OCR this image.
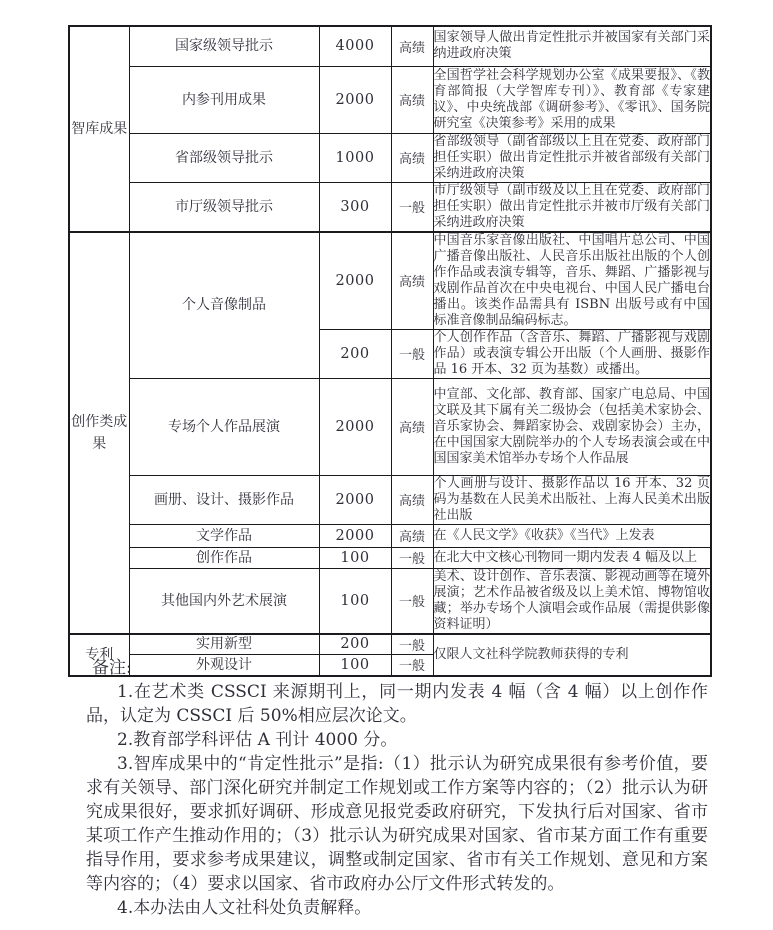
智库成果	国家级领导批示	4000	高绩	国家领导人做出肯定性批示并被国家有关部门采纳进政府决策
	内参刊用成果	2000	高绩	全国哲学社会科学规划办公室《成果要报》、《教育部简报（大学智库专刊）》、教育部《专家建议》、中央统战部《调研参考》、《零讯》、国务院研究室《决策参考》采用的成果
	省部级领导批示	1000	高绩	省部级领导（副省部级以上且在党委、政府部门担任实职）做出肯定性批示并被省部级有关部门采纳进政府决策
	市厅级领导批示	300	一般	市厅级领导（副市级及以上且在党委、政府部门担任实职）做出肯定性批示并被市厅级有关部门采纳进政府决策
创作类成果	个人音像制品	2000	高绩	中国音乐家音像出版社、中国唱片总公司、中国广播音像出版社、人民音乐出版社出版的个人创作作品或表演专辑等，音乐、舞蹈、广播影视与戏剧作品首次在中央电视台、中国人民广播电台播出。该类作品需具有 ISBN 出版号或有中国标准音像制品编码标志。
		200	一般	个人创作作品（含音乐、舞蹈、广播影视与戏剧作品）或表演专辑公开出版（个人画册、摄影作品 16 开本、32 页为基数）或播出。
	专场个人作品展演	2000	高绩	中宣部、文化部、教育部、国家广电总局、中国文联及其下属有关二级协会（包括美术家协会、音乐家协会、舞蹈家协会、戏剧家协会）主办，在中国国家大剧院举办的个人专场表演会或在中国国家美术馆举办专场个人作品展
	画册、设计、摄影作品	2000	高绩	个人画册与设计、摄影作品以 16 开本、32 页码为基数在人民美术出版社、上海人民美术出版社出版
	文学作品	2000	高绩	在《人民文学》《收获》《当代》上发表
	创作作品	100	一般	在北大中文核心刊物同一期内发表 4 幅及以上
	其他国内外艺术展演	100	一般	美术、设计创作、音乐表演、影视动画等在境外展演；艺术作品被省级及以上美术馆、博物馆收藏；举办专场个人演唱会或作品展（需提供影像资料证明）
专利	实用新型	200	一般	仅限人文社科学院教师获得的专利
	外观设计	100	一般	

备注:

1.在艺术类 CSSCI 来源期刊上，同一期内发表 4 幅（含 4 幅）以上创作作品，认定为 CSSCI 后 50%相应层次论文。

2.教育部学科评估 A 刊计 4000 分。

3.智库成果中的“肯定性批示”是指:（1）批示认为研究成果很有参考价值，要求有关领导、部门深化研究并制定工作规划或工作方案等内容的；（2）批示认为研究成果很好，要求抓好调研、形成意见报党委政府研究，下发执行后对国家、省市某项工作产生推动作用的；（3）批示认为研究成果对国家、省市某方面工作有重要指导作用，要求参考成果建议，调整或制定国家、省市有关工作规划、意见和方案等内容的；（4）要求以国家、省市政府办公厅文件形式转发的。

4.本办法由人文社科处负责解释。
